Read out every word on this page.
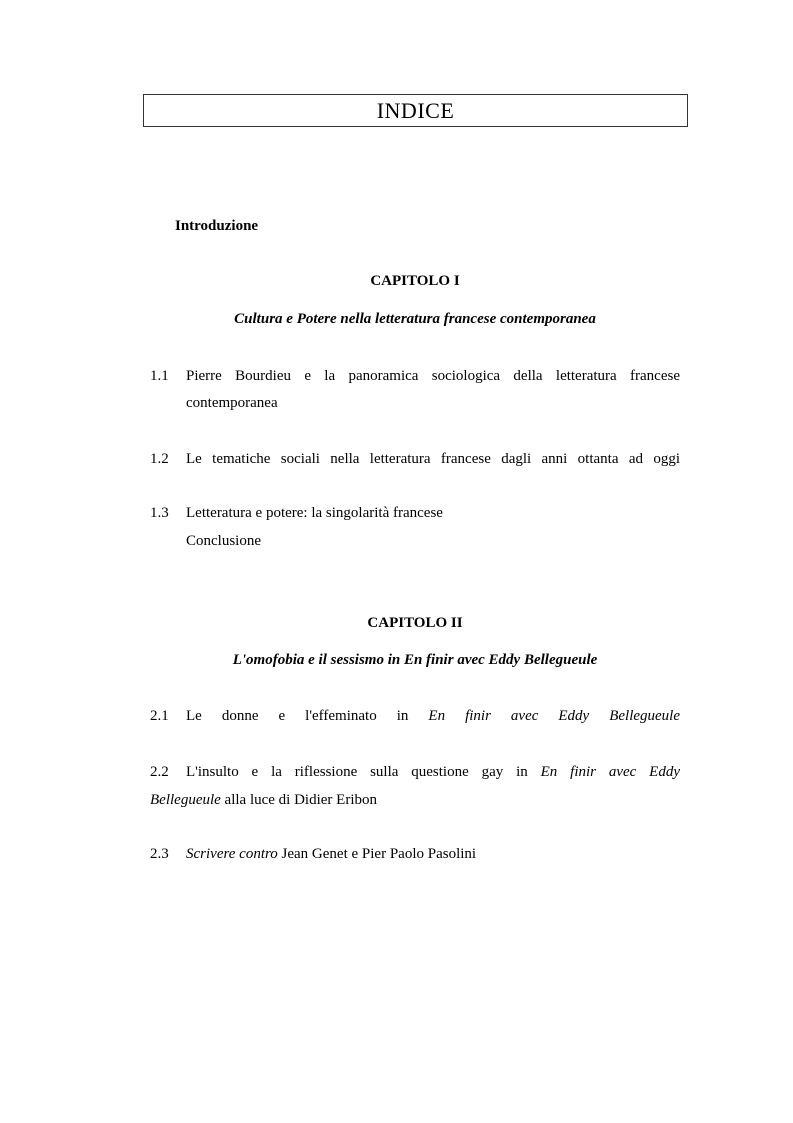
INDICE
Introduzione
CAPITOLO I
Cultura e Potere nella letteratura francese contemporanea
1.1 Pierre Bourdieu e la panoramica sociologica della letteratura francese
contemporanea
1.2 Le tematiche sociali nella letteratura francese dagli anni ottanta ad oggi
1.3 Letteratura e potere: la singolarità francese
Conclusione
CAPITOLO II
L'omofobia e il sessismo in En finir avec Eddy Bellegueule
2.1 Le donne e l'effeminato in En finir avec Eddy Bellegueule
2.2 L'insulto e la riflessione sulla questione gay in En finir avec Eddy
Bellegueule alla luce di Didier Eribon
2.3 Scrivere contro Jean Genet e Pier Paolo Pasolini
